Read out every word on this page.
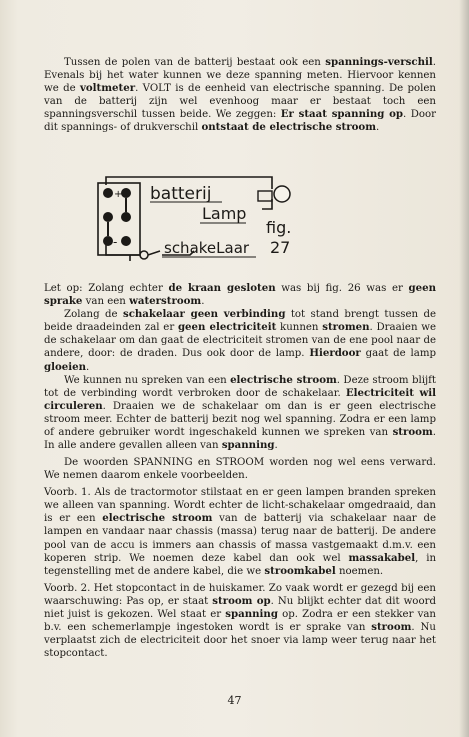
Tussen de polen van de batterij bestaat ook een spannings-verschil. Evenals bij het water kunnen we deze spanning meten. Hiervoor kennen we de voltmeter. VOLT is de eenheid van electrische spanning. De polen van de batterij zijn wel evenhoog maar er bestaat toch een spanningsverschil tussen beide. We zeggen: Er staat spanning op. Door dit spannings- of drukverschil ontstaat de electrische stroom.
+
-
batterij
Lamp
fig.
27
schakeLaar
Let op: Zolang echter de kraan gesloten was bij fig. 26 was er geen sprake van een waterstroom.
Zolang de schakelaar geen verbinding tot stand brengt tussen de beide draadeinden zal er geen electriciteit kunnen stromen. Draaien we de schakelaar om dan gaat de electriciteit stromen van de ene pool naar de andere, door: de draden. Dus ook door de lamp. Hierdoor gaat de lamp gloeien.
We kunnen nu spreken van een electrische stroom. Deze stroom blijft tot de verbinding wordt verbroken door de schakelaar. Electriciteit wil circuleren. Draaien we de schakelaar om dan is er geen electrische stroom meer. Echter de batterij bezit nog wel spanning. Zodra er een lamp of andere gebruiker wordt ingeschakeld kunnen we spreken van stroom. In alle andere gevallen alleen van spanning.

De woorden SPANNING en STROOM worden nog wel eens verward. We nemen daarom enkele voorbeelden.

Voorb. 1. Als de tractormotor stilstaat en er geen lampen branden spreken we alleen van spanning. Wordt echter de licht-schakelaar omgedraaid, dan is er een electrische stroom van de batterij via schakelaar naar de lampen en vandaar naar chassis (massa) terug naar de batterij. De andere pool van de accu is immers aan chassis of massa vastgemaakt d.m.v. een koperen strip. We noemen deze kabel dan ook wel massakabel, in tegenstelling met de andere kabel, die we stroomkabel noemen.

Voorb. 2. Het stopcontact in de huiskamer. Zo vaak wordt er gezegd bij een waarschuwing: Pas op, er staat stroom op. Nu blijkt echter dat dit woord niet juist is gekozen. Wel staat er spanning op. Zodra er een stekker van b.v. een schemerlampje ingestoken wordt is er sprake van stroom. Nu verplaatst zich de electriciteit door het snoer via lamp weer terug naar het stopcontact.

47
